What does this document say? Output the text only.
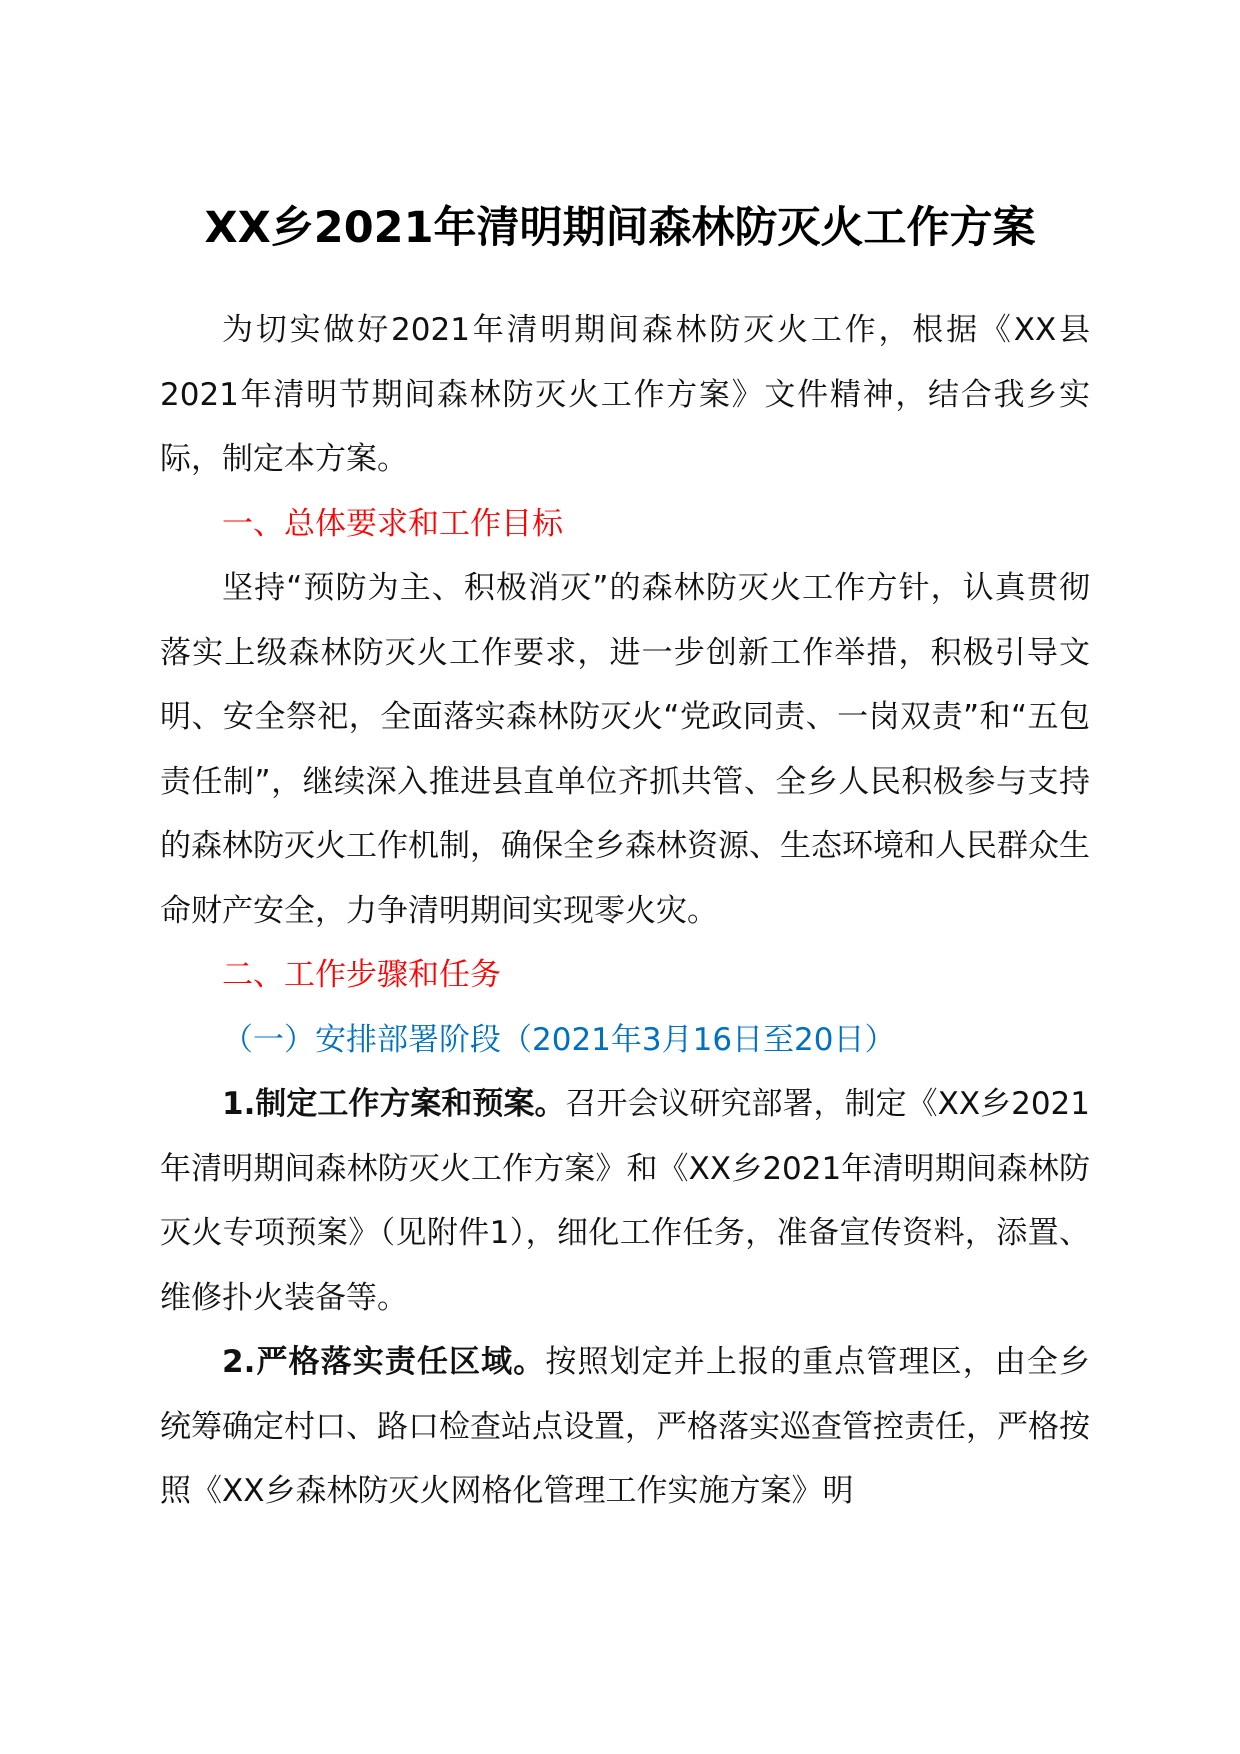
XX乡2021年清明期间森林防灭火工作方案

为切实做好2021年清明期间森林防灭火工作，根据《XX县2021年清明节期间森林防灭火工作方案》文件精神，结合我乡实际，制定本方案。

一、总体要求和工作目标

坚持“预防为主、积极消灭”的森林防灭火工作方针，认真贯彻落实上级森林防灭火工作要求，进一步创新工作举措，积极引导文明、安全祭祀，全面落实森林防灭火“党政同责、一岗双责”和“五包责任制”，继续深入推进县直单位齐抓共管、全乡人民积极参与支持的森林防灭火工作机制，确保全乡森林资源、生态环境和人民群众生命财产安全，力争清明期间实现零火灾。

二、工作步骤和任务

（一）安排部署阶段（2021年3月16日至20日）

1.制定工作方案和预案。召开会议研究部署，制定《XX乡2021年清明期间森林防灭火工作方案》和《XX乡2021年清明期间森林防灭火专项预案》（见附件1），细化工作任务，准备宣传资料，添置、维修扑火装备等。

2.严格落实责任区域。按照划定并上报的重点管理区，由全乡统筹确定村口、路口检查站点设置，严格落实巡查管控责任，严格按照《XX乡森林防灭火网格化管理工作实施方案》明
